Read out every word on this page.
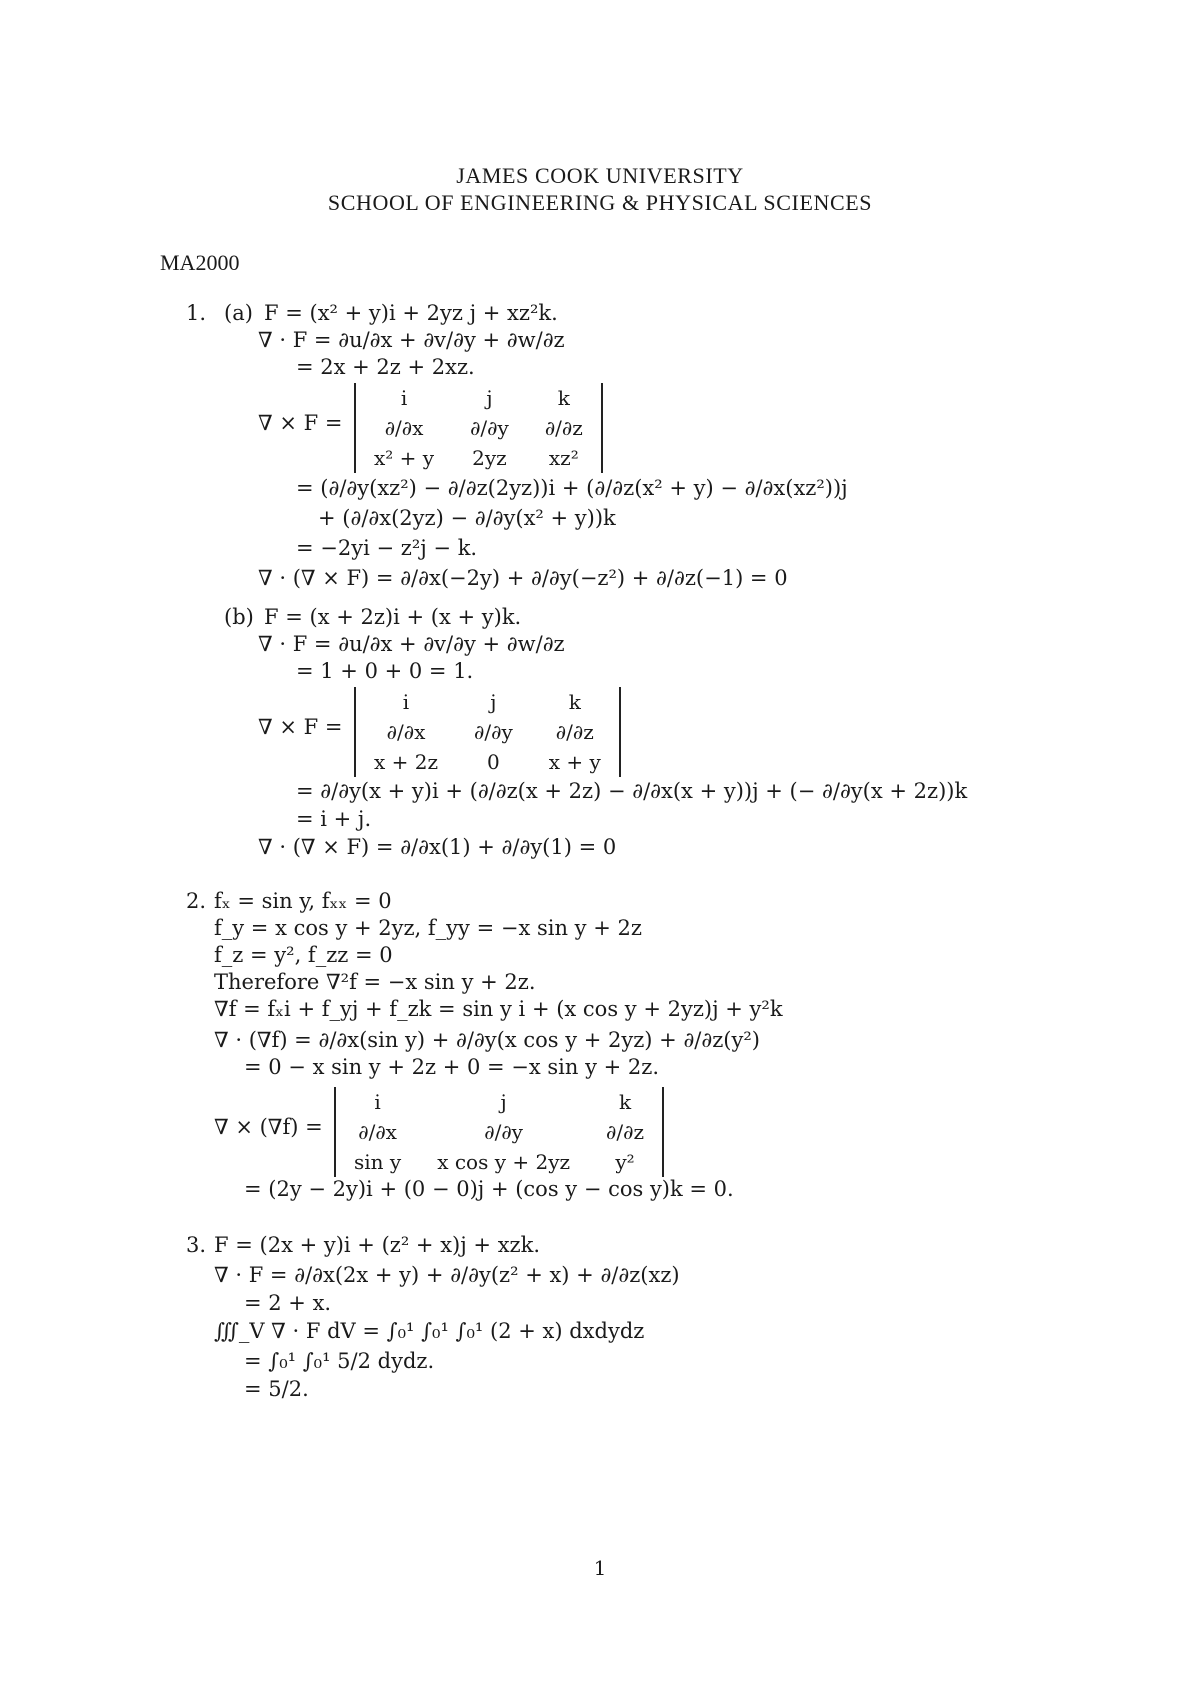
JAMES COOK UNIVERSITY
SCHOOL OF ENGINEERING & PHYSICAL SCIENCES
MA2000
1. (a) F = (x² + y)i + 2yz j + xz²k.
∇ · F = ∂u/∂x + ∂v/∂y + ∂w/∂z
= 2x + 2z + 2xz.
∇ × F =
i	j	k
∂/∂x	∂/∂y	∂/∂z
x² + y	2yz	xz²
= (∂/∂y(xz²) − ∂/∂z(2yz))i + (∂/∂z(x² + y) − ∂/∂x(xz²))j
+ (∂/∂x(2yz) − ∂/∂y(x² + y))k
= −2yi − z²j − k.
∇ · (∇ × F) = ∂/∂x(−2y) + ∂/∂y(−z²) + ∂/∂z(−1) = 0
(b) F = (x + 2z)i + (x + y)k.
∇ · F = ∂u/∂x + ∂v/∂y + ∂w/∂z
= 1 + 0 + 0 = 1.
∇ × F =
i	j	k
∂/∂x	∂/∂y	∂/∂z
x + 2z	0	x + y
= ∂/∂y(x + y)i + (∂/∂z(x + 2z) − ∂/∂x(x + y))j + (− ∂/∂y(x + 2z))k
= i + j.
∇ · (∇ × F) = ∂/∂x(1) + ∂/∂y(1) = 0
2. fₓ = sin y, fₓₓ = 0
f_y = x cos y + 2yz, f_yy = −x sin y + 2z
f_z = y², f_zz = 0
Therefore ∇²f = −x sin y + 2z.
∇f = fₓi + f_yj + f_zk = sin y i + (x cos y + 2yz)j + y²k
∇ · (∇f) = ∂/∂x(sin y) + ∂/∂y(x cos y + 2yz) + ∂/∂z(y²)
= 0 − x sin y + 2z + 0 = −x sin y + 2z.
∇ × (∇f) =
i	j	k
∂/∂x	∂/∂y	∂/∂z
sin y	x cos y + 2yz	y²
= (2y − 2y)i + (0 − 0)j + (cos y − cos y)k = 0.
3. F = (2x + y)i + (z² + x)j + xzk.
∇ · F = ∂/∂x(2x + y) + ∂/∂y(z² + x) + ∂/∂z(xz)
= 2 + x.
∭_V ∇ · F dV = ∫₀¹ ∫₀¹ ∫₀¹ (2 + x) dxdydz
= ∫₀¹ ∫₀¹ 5/2 dydz.
= 5/2.
1
